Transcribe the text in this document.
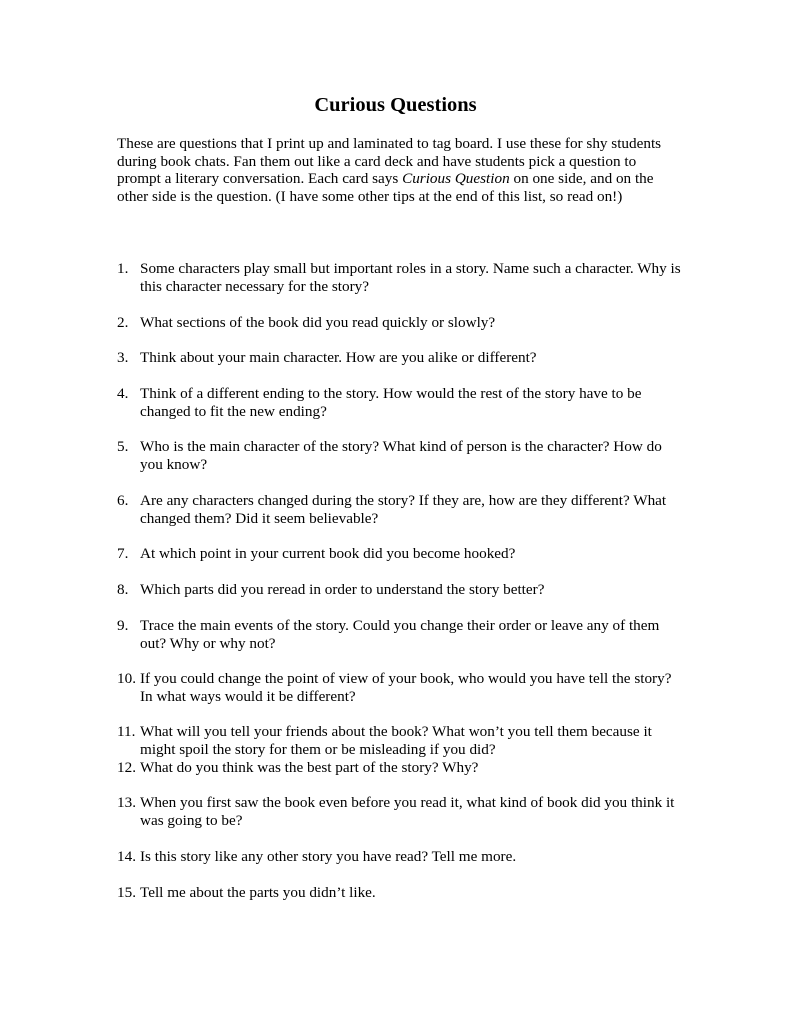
Curious Questions

These are questions that I print up and laminated to tag board. I use these for shy students during book chats. Fan them out like a card deck and have students pick a question to prompt a literary conversation. Each card says Curious Question on one side, and on the other side is the question. (I have some other tips at the end of this list, so read on!)

1. Some characters play small but important roles in a story. Name such a character. Why is this character necessary for the story?
2. What sections of the book did you read quickly or slowly?
3. Think about your main character. How are you alike or different?
4. Think of a different ending to the story. How would the rest of the story have to be changed to fit the new ending?
5. Who is the main character of the story? What kind of person is the character? How do you know?
6. Are any characters changed during the story? If they are, how are they different? What changed them? Did it seem believable?
7. At which point in your current book did you become hooked?
8. Which parts did you reread in order to understand the story better?
9. Trace the main events of the story. Could you change their order or leave any of them out? Why or why not?
10. If you could change the point of view of your book, who would you have tell the story? In what ways would it be different?
11. What will you tell your friends about the book? What won’t you tell them because it might spoil the story for them or be misleading if you did?
12. What do you think was the best part of the story? Why?
13. When you first saw the book even before you read it, what kind of book did you think it was going to be?
14. Is this story like any other story you have read? Tell me more.
15. Tell me about the parts you didn’t like.
